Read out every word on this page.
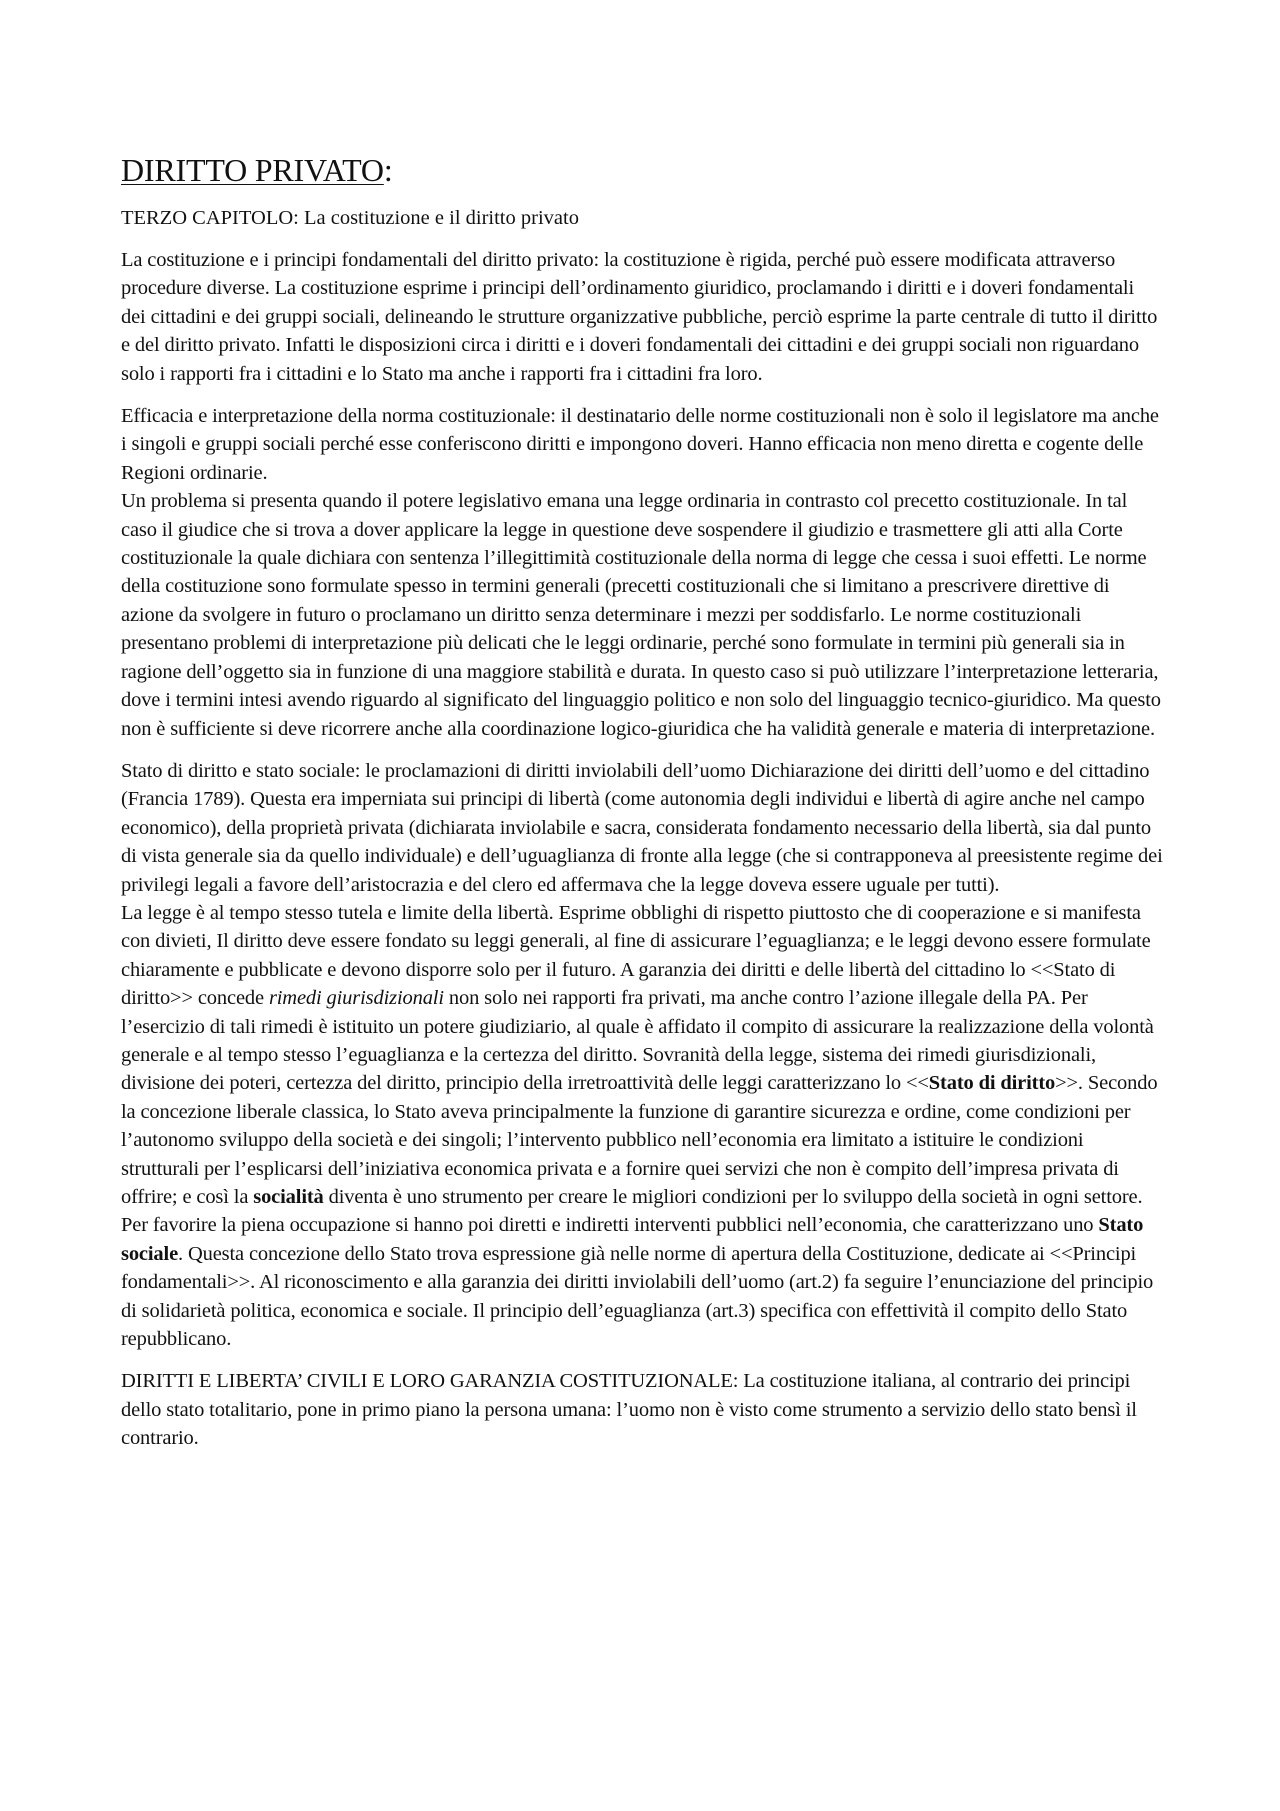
DIRITTO PRIVATO:
TERZO CAPITOLO: La costituzione e il diritto privato

La costituzione e i principi fondamentali del diritto privato: la costituzione è rigida, perché può essere modificata attraverso procedure diverse. La costituzione esprime i principi dell’ordinamento giuridico, proclamando i diritti e i doveri fondamentali dei cittadini e dei gruppi sociali, delineando le strutture organizzative pubbliche, perciò esprime la parte centrale di tutto il diritto e del diritto privato. Infatti le disposizioni circa i diritti e i doveri fondamentali dei cittadini e dei gruppi sociali non riguardano solo i rapporti fra i cittadini e lo Stato ma anche i rapporti fra i cittadini fra loro.

Efficacia e interpretazione della norma costituzionale: il destinatario delle norme costituzionali non è solo il legislatore ma anche i singoli e gruppi sociali perché esse conferiscono diritti e impongono doveri. Hanno efficacia non meno diretta e cogente delle Regioni ordinarie.

Un problema si presenta quando il potere legislativo emana una legge ordinaria in contrasto col precetto costituzionale. In tal caso il giudice che si trova a dover applicare la legge in questione deve sospendere il giudizio e trasmettere gli atti alla Corte costituzionale la quale dichiara con sentenza l’illegittimità costituzionale della norma di legge che cessa i suoi effetti. Le norme della costituzione sono formulate spesso in termini generali (precetti costituzionali che si limitano a prescrivere direttive di azione da svolgere in futuro o proclamano un diritto senza determinare i mezzi per soddisfarlo. Le norme costituzionali presentano problemi di interpretazione più delicati che le leggi ordinarie, perché sono formulate in termini più generali sia in ragione dell’oggetto sia in funzione di una maggiore stabilità e durata. In questo caso si può utilizzare l’interpretazione letteraria, dove i termini intesi avendo riguardo al significato del linguaggio politico e non solo del linguaggio tecnico-giuridico. Ma questo non è sufficiente si deve ricorrere anche alla coordinazione logico-giuridica che ha validità generale e materia di interpretazione.

Stato di diritto e stato sociale: le proclamazioni di diritti inviolabili dell’uomo Dichiarazione dei diritti dell’uomo e del cittadino (Francia 1789). Questa era imperniata sui principi di libertà (come autonomia degli individui e libertà di agire anche nel campo economico), della proprietà privata (dichiarata inviolabile e sacra, considerata fondamento necessario della libertà, sia dal punto di vista generale sia da quello individuale) e dell’uguaglianza di fronte alla legge (che si contrapponeva al preesistente regime dei privilegi legali a favore dell’aristocrazia e del clero ed affermava che la legge doveva essere uguale per tutti).

La legge è al tempo stesso tutela e limite della libertà. Esprime obblighi di rispetto piuttosto che di cooperazione e si manifesta con divieti, Il diritto deve essere fondato su leggi generali, al fine di assicurare l’eguaglianza; e le leggi devono essere formulate chiaramente e pubblicate e devono disporre solo per il futuro. A garanzia dei diritti e delle libertà del cittadino lo <<Stato di diritto>> concede rimedi giurisdizionali non solo nei rapporti fra privati, ma anche contro l’azione illegale della PA. Per l’esercizio di tali rimedi è istituito un potere giudiziario, al quale è affidato il compito di assicurare la realizzazione della volontà generale e al tempo stesso l’eguaglianza e la certezza del diritto. Sovranità della legge, sistema dei rimedi giurisdizionali, divisione dei poteri, certezza del diritto, principio della irretroattività delle leggi caratterizzano lo <<Stato di diritto>>. Secondo la concezione liberale classica, lo Stato aveva principalmente la funzione di garantire sicurezza e ordine, come condizioni per l’autonomo sviluppo della società e dei singoli; l’intervento pubblico nell’economia era limitato a istituire le condizioni strutturali per l’esplicarsi dell’iniziativa economica privata e a fornire quei servizi che non è compito dell’impresa privata di offrire; e così la socialità diventa è uno strumento per creare le migliori condizioni per lo sviluppo della società in ogni settore.

Per favorire la piena occupazione si hanno poi diretti e indiretti interventi pubblici nell’economia, che caratterizzano uno Stato sociale. Questa concezione dello Stato trova espressione già nelle norme di apertura della Costituzione, dedicate ai <<Principi fondamentali>>. Al riconoscimento e alla garanzia dei diritti inviolabili dell’uomo (art.2) fa seguire l’enunciazione del principio di solidarietà politica, economica e sociale. Il principio dell’eguaglianza (art.3) specifica con effettività il compito dello Stato repubblicano.

DIRITTI E LIBERTA’ CIVILI E LORO GARANZIA COSTITUZIONALE: La costituzione italiana, al contrario dei principi dello stato totalitario, pone in primo piano la persona umana: l’uomo non è visto come strumento a servizio dello stato bensì il contrario.
